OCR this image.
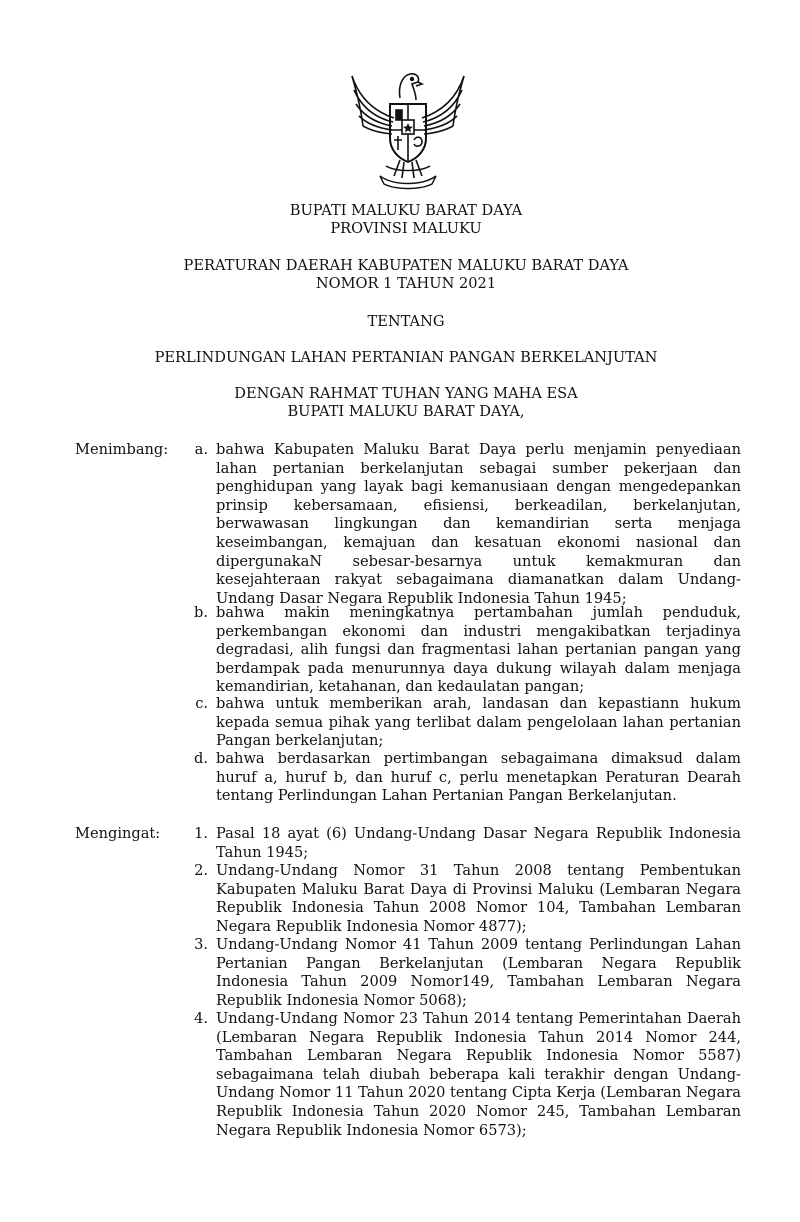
BUPATI MALUKU BARAT DAYA
PROVINSI MALUKU
PERATURAN DAERAH KABUPATEN MALUKU BARAT DAYA
NOMOR 1 TAHUN 2021
TENTANG
PERLINDUNGAN LAHAN PERTANIAN PANGAN BERKELANJUTAN
DENGAN RAHMAT TUHAN YANG MAHA ESA
BUPATI MALUKU BARAT DAYA,
Menimbang:	a. bahwa Kabupaten Maluku Barat Daya perlu menjamin penyediaan lahan pertanian berkelanjutan sebagai sumber pekerjaan dan penghidupan yang layak bagi kemanusiaan dengan mengedepankan prinsip kebersamaan, efisiensi, berkeadilan, berkelanjutan, berwawasan lingkungan dan kemandirian serta menjaga keseimbangan, kemajuan dan kesatuan ekonomi nasional dan dipergunakaN sebesar-besarnya untuk kemakmuran dan kesejahteraan rakyat sebagaimana diamanatkan dalam Undang-Undang Dasar Negara Republik Indonesia Tahun 1945;
b. bahwa makin meningkatnya pertambahan jumlah penduduk, perkembangan ekonomi dan industri mengakibatkan terjadinya degradasi, alih fungsi dan fragmentasi lahan pertanian pangan yang berdampak pada menurunnya daya dukung wilayah dalam menjaga kemandirian, ketahanan, dan kedaulatan pangan;
c. bahwa untuk memberikan arah, landasan dan kepastiann hukum kepada semua pihak yang terlibat dalam pengelolaan lahan pertanian Pangan berkelanjutan;
d. bahwa berdasarkan pertimbangan sebagaimana dimaksud dalam huruf a, huruf b, dan huruf c, perlu menetapkan Peraturan Dearah tentang Perlindungan Lahan Pertanian Pangan Berkelanjutan.
Mengingat:	1. Pasal 18 ayat (6) Undang-Undang Dasar Negara Republik Indonesia Tahun 1945;
2. Undang-Undang Nomor 31 Tahun 2008 tentang Pembentukan Kabupaten Maluku Barat Daya di Provinsi Maluku (Lembaran Negara Republik Indonesia Tahun 2008 Nomor 104, Tambahan Lembaran Negara Republik Indonesia Nomor 4877);
3. Undang-Undang Nomor 41 Tahun 2009 tentang Perlindungan Lahan Pertanian Pangan Berkelanjutan (Lembaran Negara Republik Indonesia Tahun 2009 Nomor149, Tambahan Lembaran Negara Republik Indonesia Nomor 5068);
4. Undang-Undang Nomor 23 Tahun 2014 tentang Pemerintahan Daerah (Lembaran Negara Republik Indonesia Tahun 2014 Nomor 244, Tambahan Lembaran Negara Republik Indonesia Nomor 5587) sebagaimana telah diubah beberapa kali terakhir dengan Undang-Undang Nomor 11 Tahun 2020 tentang Cipta Kerja (Lembaran Negara Republik Indonesia Tahun 2020 Nomor 245, Tambahan Lembaran Negara Republik Indonesia Nomor 6573);
